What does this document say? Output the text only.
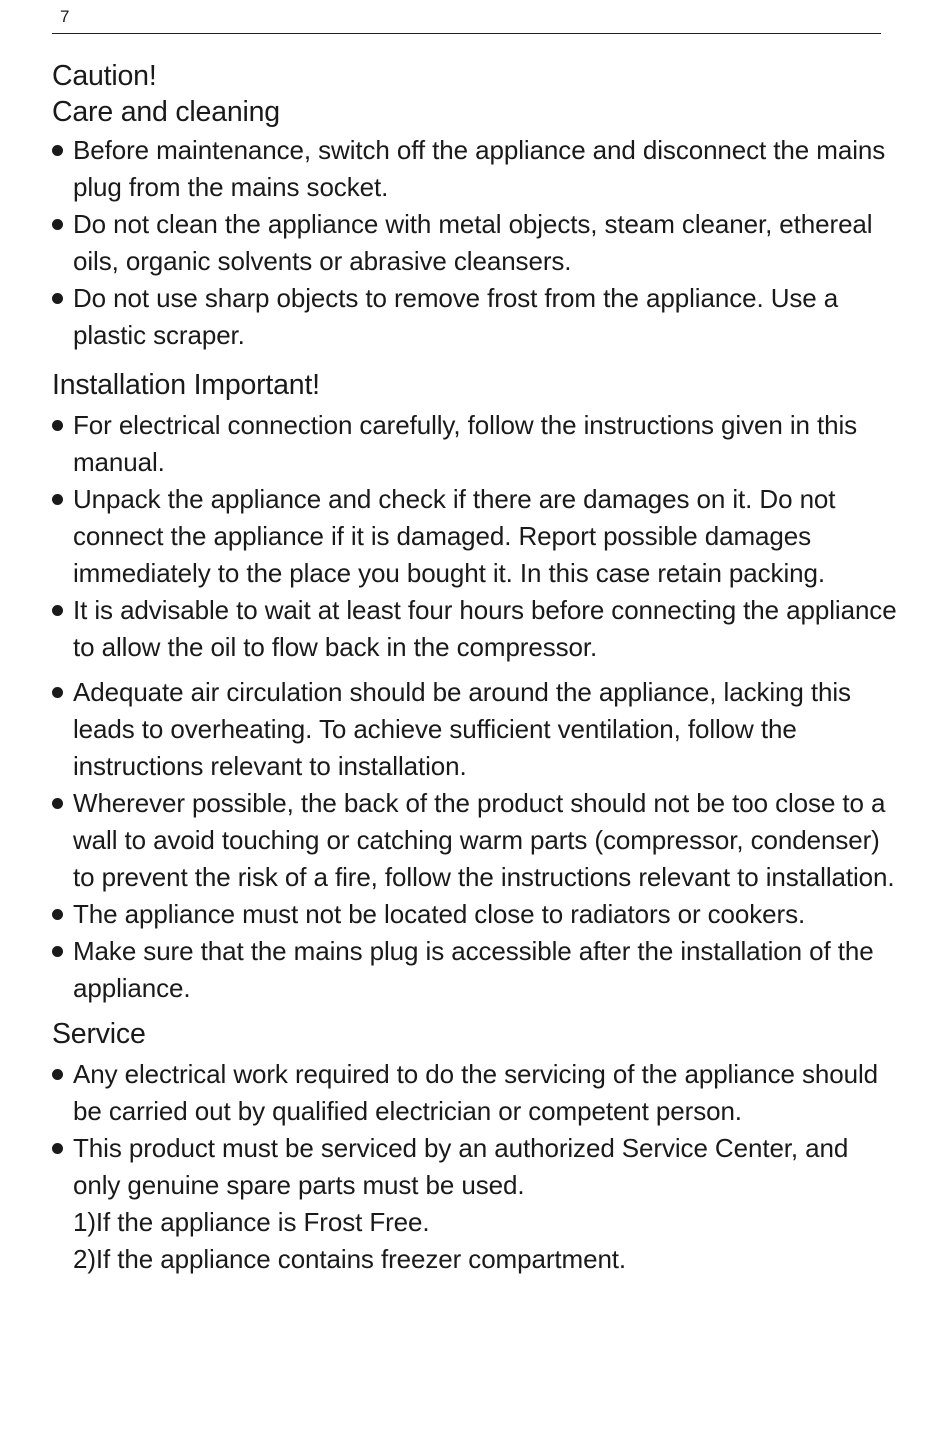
7
Caution!
Care and cleaning
Before maintenance, switch off the appliance and disconnect the mains plug from the mains socket.
Do not clean the appliance with metal objects, steam cleaner, ethereal oils, organic solvents or abrasive cleansers.
Do not use sharp objects to remove frost from the appliance. Use a plastic scraper.
Installation Important!
For electrical connection carefully, follow the instructions given in this manual.
Unpack the appliance and check if there are damages on it. Do not connect the appliance if it is damaged. Report possible damages immediately to the place you bought it. In this case retain packing.
It is advisable to wait at least four hours before connecting the appliance to allow the oil to flow back in the compressor.
Adequate air circulation should be around the appliance, lacking this leads to overheating. To achieve sufficient ventilation, follow the instructions relevant to installation.
Wherever possible, the back of the product should not be too close to a wall to avoid touching or catching warm parts (compressor, condenser) to prevent the risk of a fire, follow the instructions relevant to installation.
The appliance must not be located close to radiators or cookers.
Make sure that the mains plug is accessible after the installation of the appliance.
Service
Any electrical work required to do the servicing of the appliance should be carried out by qualified electrician or competent person.
This product must be serviced by an authorized Service Center, and only genuine spare parts must be used.
1)If the appliance is Frost Free.
2)If the appliance contains freezer compartment.
